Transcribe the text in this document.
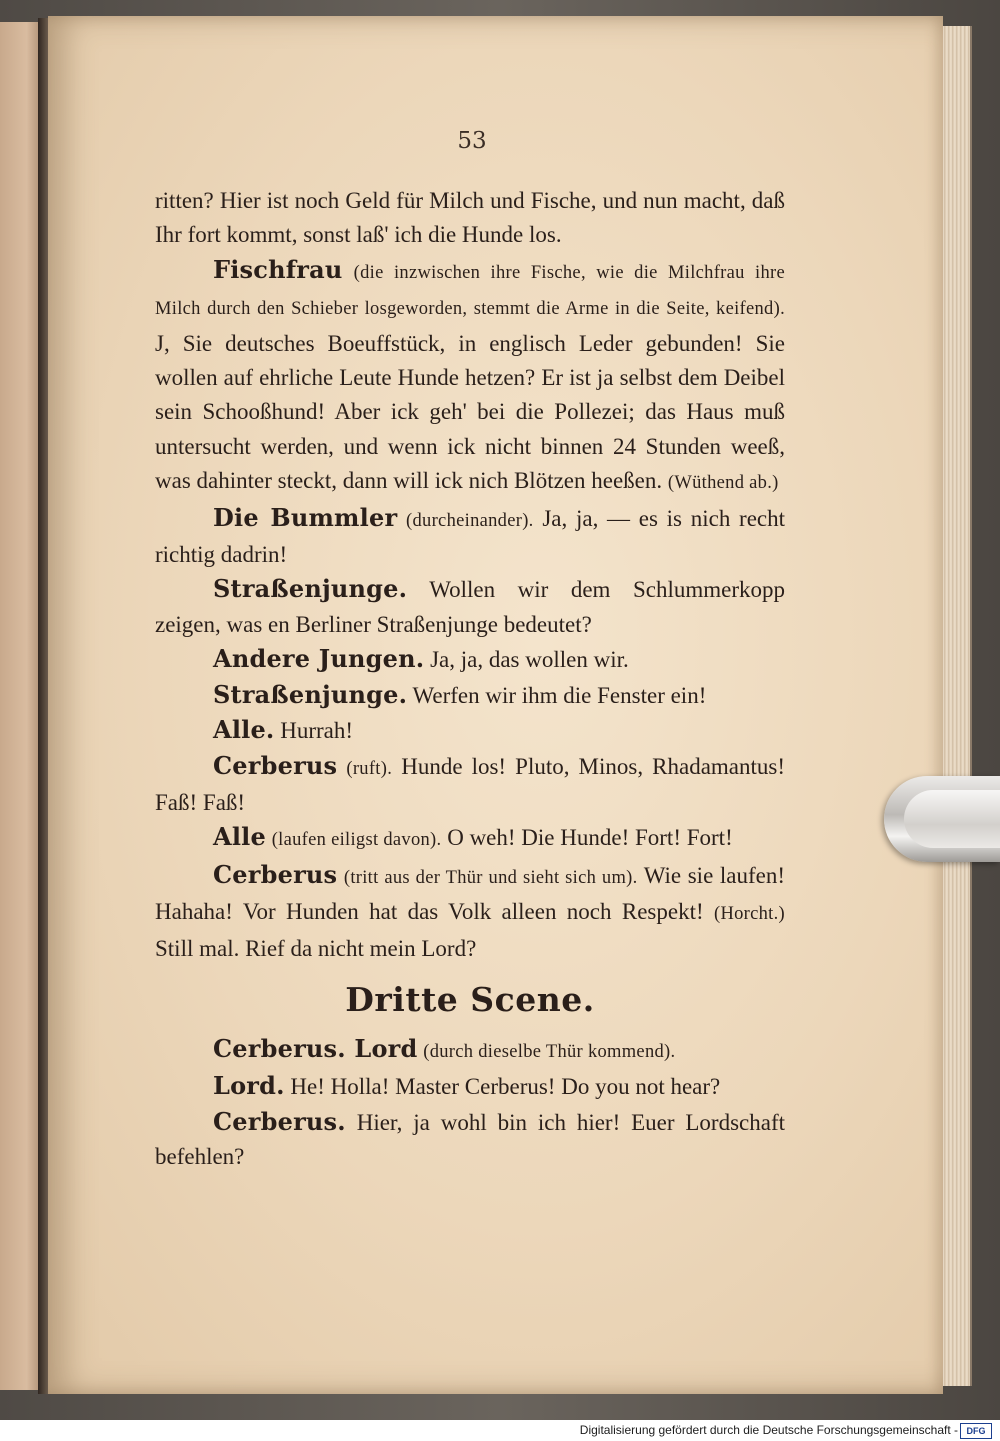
53

ritten? Hier ist noch Geld für Milch und Fische, und nun macht, daß Ihr fort kommt, sonst laß' ich die Hunde los.

Fischfrau (die inzwischen ihre Fische, wie die Milchfrau ihre Milch durch den Schieber losgeworden, stemmt die Arme in die Seite, keifend). J, Sie deutsches Boeuffstück, in englisch Leder gebunden! Sie wollen auf ehrliche Leute Hunde hetzen? Er ist ja selbst dem Deibel sein Schooßhund! Aber ick geh' bei die Pollezei; das Haus muß untersucht werden, und wenn ick nicht binnen 24 Stunden weeß, was dahinter steckt, dann will ick nich Blötzen heeßen. (Wüthend ab.)

Die Bummler (durcheinander). Ja, ja, — es is nich recht richtig dadrin!

Straßenjunge. Wollen wir dem Schlummerkopp zeigen, was en Berliner Straßenjunge bedeutet?

Andere Jungen. Ja, ja, das wollen wir.

Straßenjunge. Werfen wir ihm die Fenster ein!

Alle. Hurrah!

Cerberus (ruft). Hunde los! Pluto, Minos, Rhadamantus! Faß! Faß!

Alle (laufen eiligst davon). O weh! Die Hunde! Fort! Fort!

Cerberus (tritt aus der Thür und sieht sich um). Wie sie laufen! Hahaha! Vor Hunden hat das Volk alleen noch Respekt! (Horcht.) Still mal. Rief da nicht mein Lord?

Dritte Scene.

Cerberus. Lord (durch dieselbe Thür kommend).

Lord. He! Holla! Master Cerberus! Do you not hear?

Cerberus. Hier, ja wohl bin ich hier! Euer Lordschaft befehlen?

Digitalisierung gefördert durch die Deutsche Forschungsgemeinschaft - DFG
